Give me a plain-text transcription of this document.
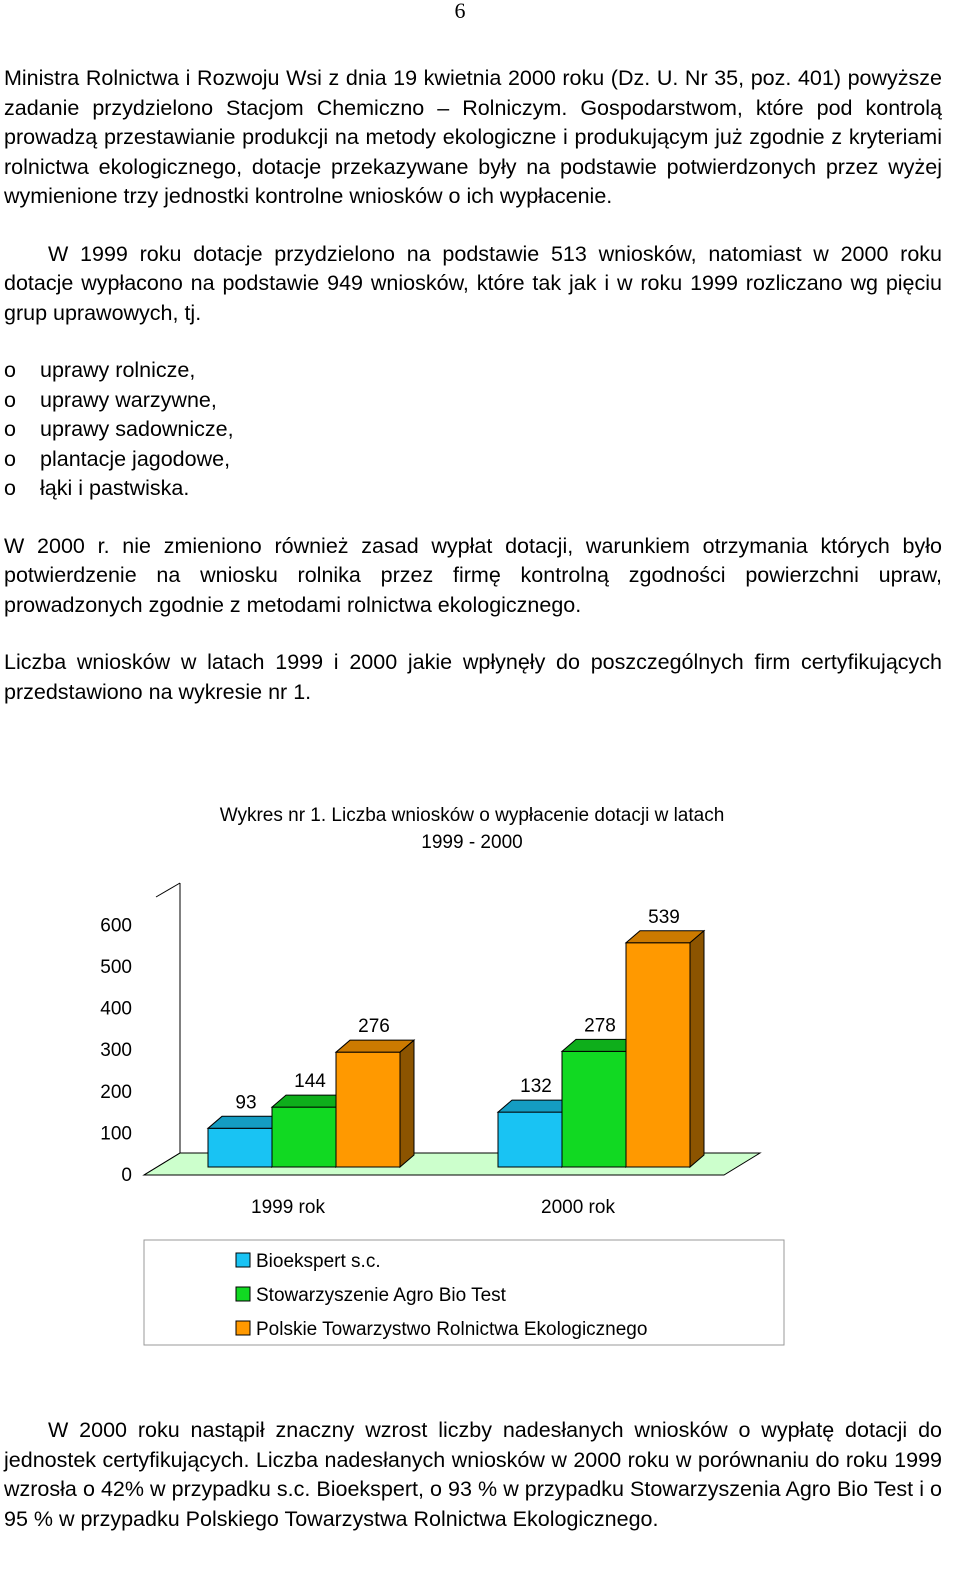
6

Ministra Rolnictwa i Rozwoju Wsi z dnia 19 kwietnia 2000 roku (Dz. U. Nr 35, poz. 401) powyższe zadanie przydzielono Stacjom Chemiczno – Rolniczym. Gospodarstwom, które pod kontrolą prowadzą przestawianie produkcji na metody ekologiczne i produkującym już zgodnie z kryteriami rolnictwa ekologicznego, dotacje przekazywane były na podstawie potwierdzonych przez wyżej wymienione trzy jednostki kontrolne wniosków o ich wypłacenie.

W 1999 roku dotacje przydzielono na podstawie 513 wniosków, natomiast w 2000 roku dotacje wypłacono na podstawie 949 wniosków, które tak jak i w roku 1999 rozliczano wg pięciu grup uprawowych, tj.

o uprawy rolnicze,
o uprawy warzywne,
o uprawy sadownicze,
o plantacje jagodowe,
o łąki i pastwiska.

W 2000 r. nie zmieniono również zasad wypłat dotacji, warunkiem otrzymania których było potwierdzenie na wniosku rolnika przez firmę kontrolną zgodności powierzchni upraw, prowadzonych zgodnie z metodami rolnictwa ekologicznego.

Liczba wniosków w latach 1999 i 2000 jakie wpłynęły do poszczególnych firm certyfikujących przedstawiono na wykresie nr 1.

Wykres nr 1. Liczba wniosków o wypłacenie dotacji w latach
1999 - 2000
0
100
200
300
400
500
600
1999 rok	2000 rok
93
144
276
132
278
539
Bioekspert s.c.
Stowarzyszenie Agro Bio Test
Polskie Towarzystwo Rolnictwa Ekologicznego

W 2000 roku nastąpił znaczny wzrost liczby nadesłanych wniosków o wypłatę dotacji do jednostek certyfikujących. Liczba nadesłanych wniosków w 2000 roku w porównaniu do roku 1999 wzrosła o 42% w przypadku s.c. Bioekspert, o 93 % w przypadku Stowarzyszenia Agro Bio Test i o 95 % w przypadku Polskiego Towarzystwa Rolnictwa Ekologicznego.
